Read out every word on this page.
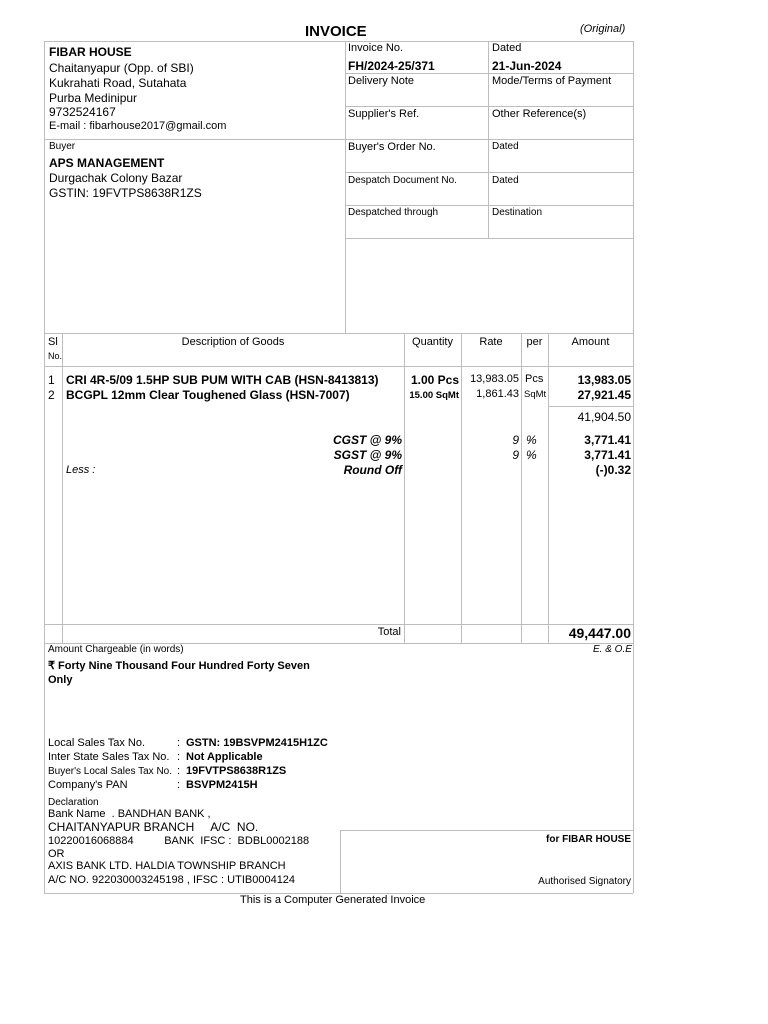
INVOICE	(Original)
FIBAR HOUSE
Chaitanyapur (Opp. of SBI)
Kukrahati Road, Sutahata
Purba Medinipur
9732524167
E-mail : fibarhouse2017@gmail.com
Buyer
APS MANAGEMENT
Durgachak Colony Bazar
GSTIN: 19FVTPS8638R1ZS
Invoice No.
FH/2024-25/371
Dated
21-Jun-2024
Delivery Note	Mode/Terms of Payment
Supplier's Ref.	Other Reference(s)
Buyer's Order No.	Dated
Despatch Document No.	Dated
Despatched through	Destination
Sl
No.
Description of Goods	Quantity	Rate	per	Amount
1 CRI 4R-5/09 1.5HP SUB PUM WITH CAB (HSN-8413813)	1.00 Pcs	13,983.05 Pcs	13,983.05
2 BCGPL 12mm Clear Toughened Glass (HSN-7007)	15.00 SqMt	1,861.43 SqMt	27,921.45
41,904.50
CGST @ 9%	9 %	3,771.41
SGST @ 9%	9 %	3,771.41
Less :	Round Off	(-)0.32
Total	49,447.00
Amount Chargeable (in words)	E. & O.E
₹ Forty Nine Thousand Four Hundred Forty Seven
Only
Local Sales Tax No.	: GSTN: 19BSVPM2415H1ZC
Inter State Sales Tax No. : Not Applicable
Buyer's Local Sales Tax No. : 19FVTPS8638R1ZS
Company's PAN	: BSVPM2415H
Declaration
Bank Name  . BANDHAN BANK ,
CHAITANYAPUR BRANCH     A/C  NO.
10220016068884          BANK  IFSC :  BDBL0002188
OR
AXIS BANK LTD. HALDIA TOWNSHIP BRANCH
A/C NO. 922030003245198 , IFSC : UTIB0004124
for FIBAR HOUSE
Authorised Signatory
This is a Computer Generated Invoice
